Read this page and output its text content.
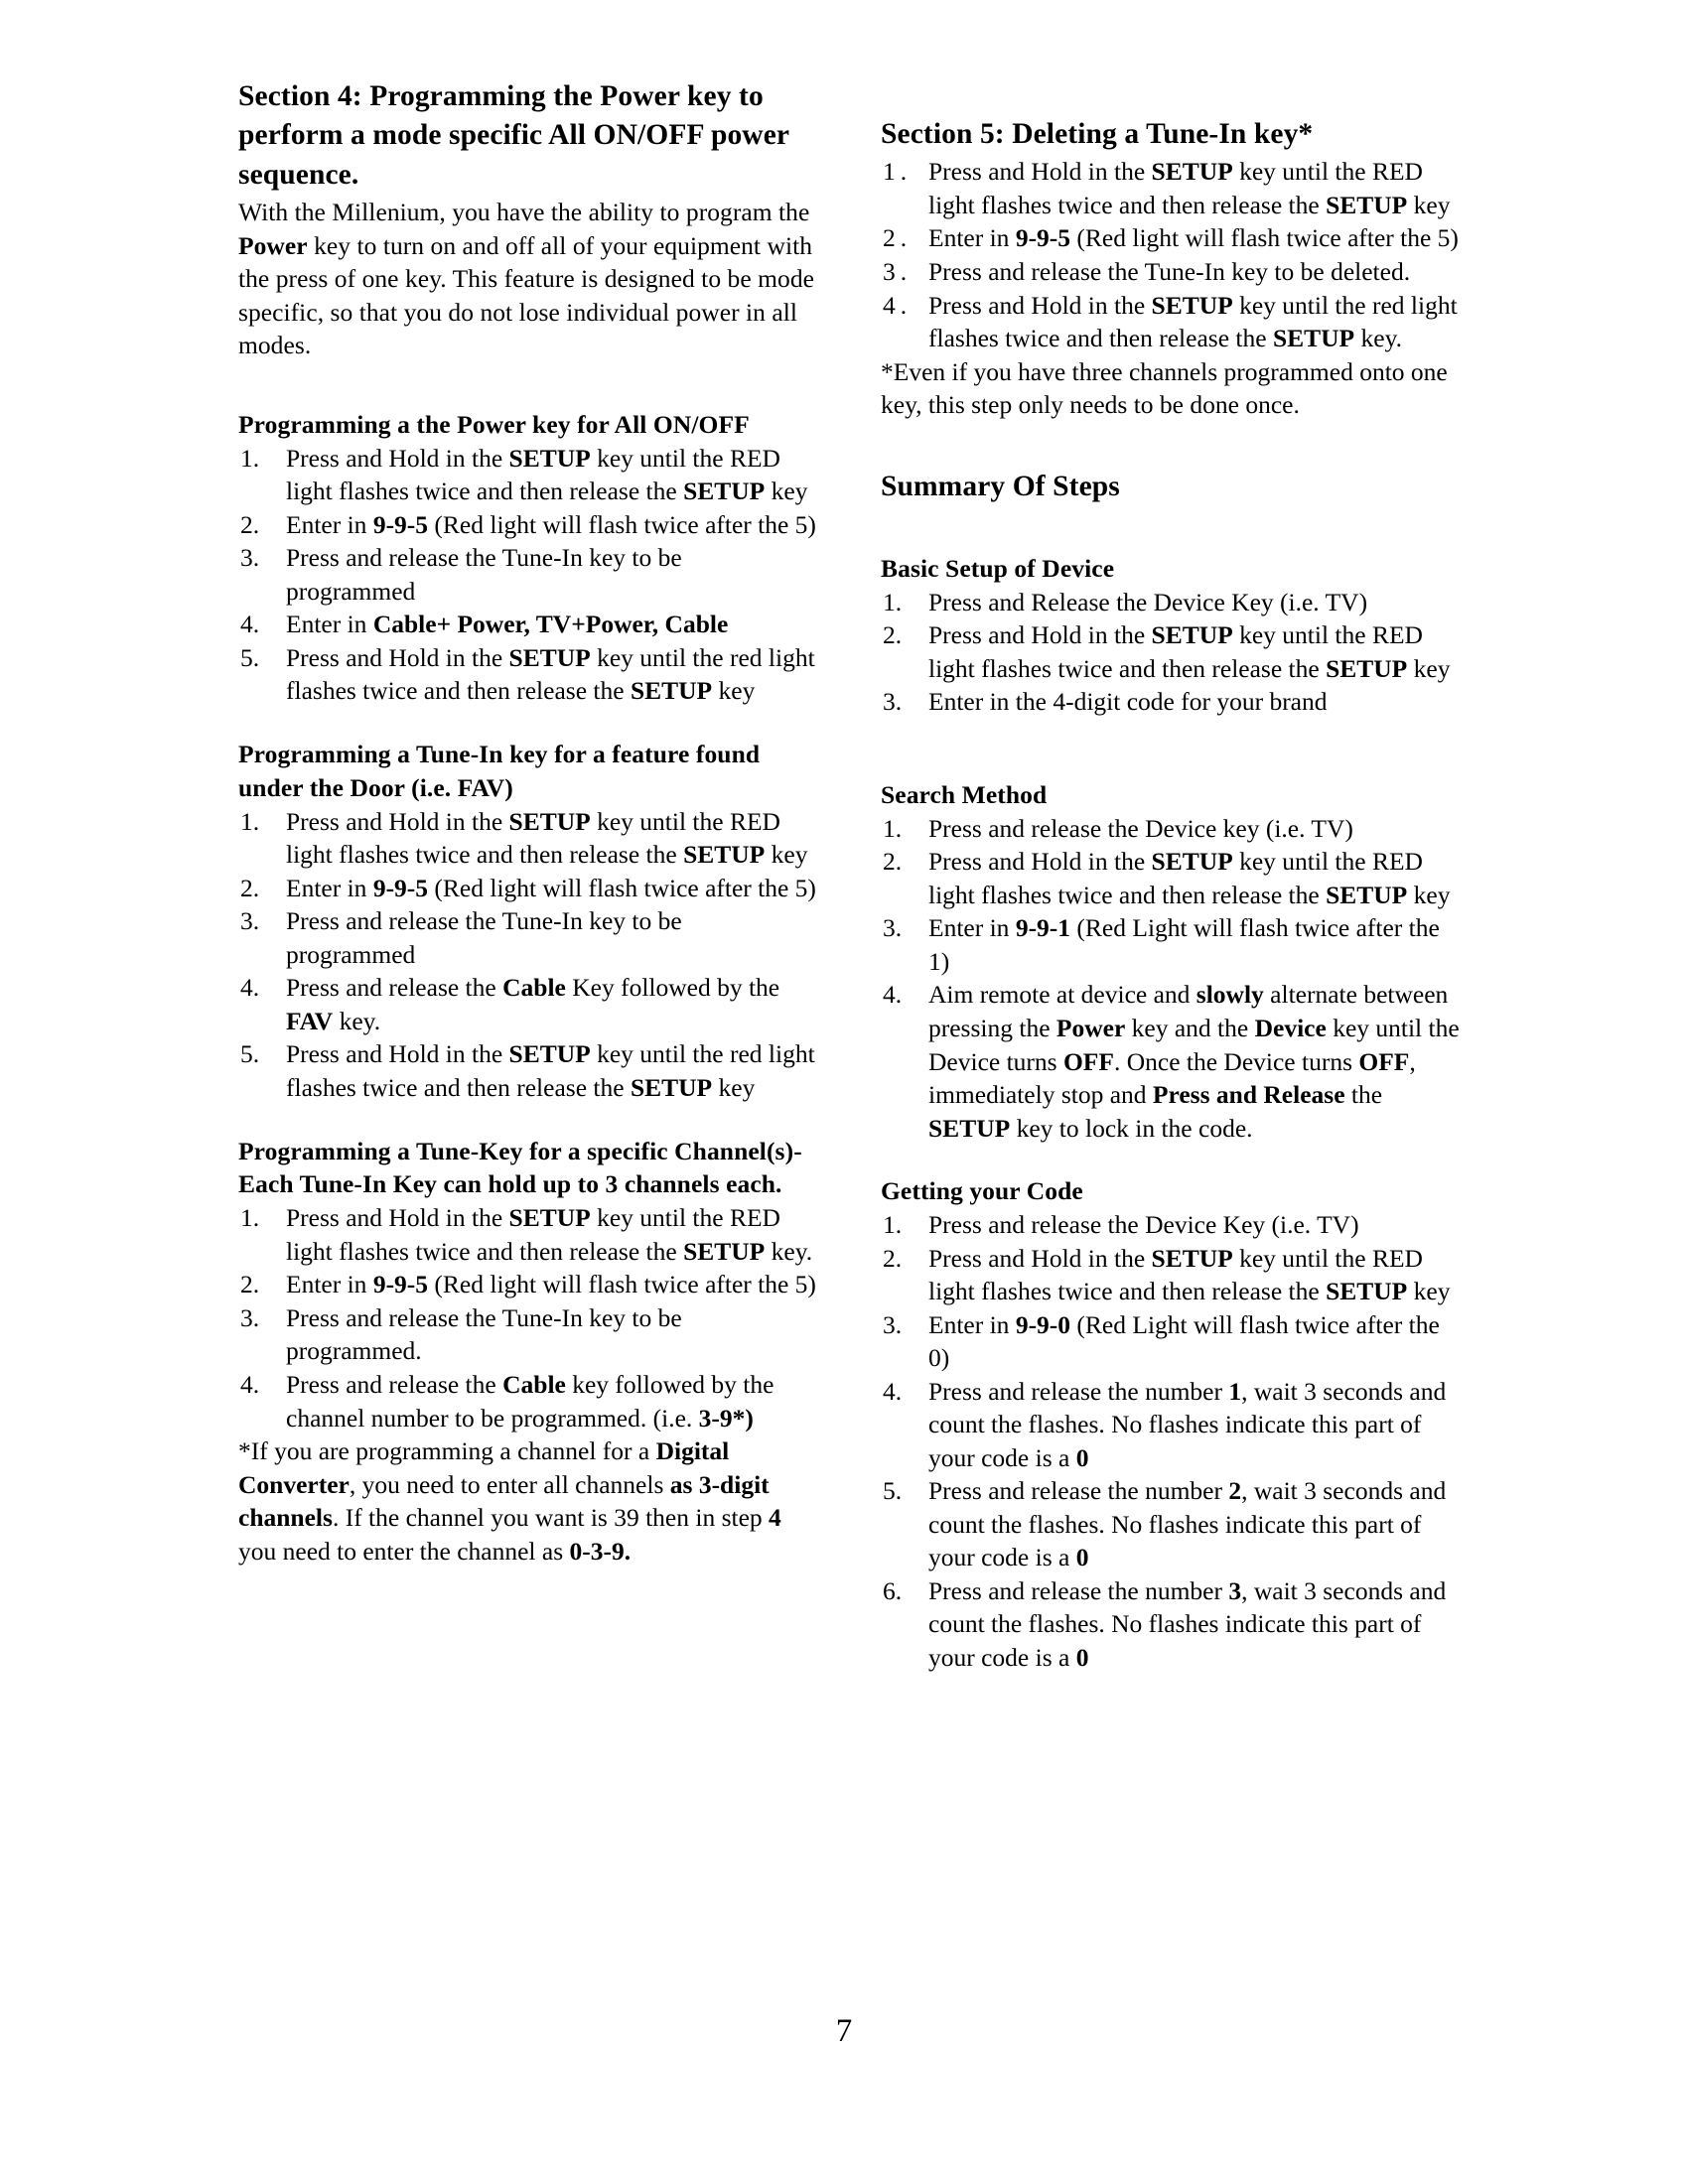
Section 4: Programming the Power key to perform a mode specific All ON/OFF power sequence.

With the Millenium, you have the ability to program the Power key to turn on and off all of your equipment with the press of one key. This feature is designed to be mode specific, so that you do not lose individual power in all modes.

Programming a the Power key for All ON/OFF
1.	Press and Hold in the SETUP key until the RED light flashes twice and then release the SETUP key
2.	Enter in 9-9-5 (Red light will flash twice after the 5)
3.	Press and release the Tune-In key to be programmed
4.	Enter in Cable+ Power, TV+Power, Cable
5.	Press and Hold in the SETUP key until the red light flashes twice and then release the SETUP key
Programming a Tune-In key for a feature found under the Door (i.e. FAV)
1.	Press and Hold in the SETUP key until the RED light flashes twice and then release the SETUP key
2.	Enter in 9-9-5 (Red light will flash twice after the 5)
3.	Press and release the Tune-In key to be programmed
4.	Press and release the Cable Key followed by the FAV key.
5.	Press and Hold in the SETUP key until the red light flashes twice and then release the SETUP key
Programming a Tune-Key for a specific Channel(s)-Each Tune-In Key can hold up to 3 channels each.
1.	Press and Hold in the SETUP key until the RED light flashes twice and then release the SETUP key.
2.	Enter in 9-9-5 (Red light will flash twice after the 5)
3.	Press and release the Tune-In key to be programmed.
4.	Press and release the Cable key followed by the channel number to be programmed. (i.e. 3-9*)

*If you are programming a channel for a Digital Converter, you need to enter all channels as 3-digit channels. If the channel you want is 39 then in step 4 you need to enter the channel as 0-3-9.

Section 5: Deleting a Tune-In key*
1. Press and Hold in the SETUP key until the RED light flashes twice and then release the SETUP key
2. Enter in 9-9-5 (Red light will flash twice after the 5)
3. Press and release the Tune-In key to be deleted.
4. Press and Hold in the SETUP key until the red light flashes twice and then release the SETUP key.

*Even if you have three channels programmed onto one key, this step only needs to be done once.

Summary Of Steps
Basic Setup of Device
1.	Press and Release the Device Key (i.e. TV)
2.	Press and Hold in the SETUP key until the RED light flashes twice and then release the SETUP key
3.	Enter in the 4-digit code for your brand
Search Method
1.	Press and release the Device key (i.e. TV)
2.	Press and Hold in the SETUP key until the RED light flashes twice and then release the SETUP key
3.	Enter in 9-9-1 (Red Light will flash twice after the 1)
4.	Aim remote at device and slowly alternate between pressing the Power key and the Device key until the Device turns OFF. Once the Device turns OFF, immediately stop and Press and Release the SETUP key to lock in the code.
Getting your Code
1.	Press and release the Device Key (i.e. TV)
2.	Press and Hold in the SETUP key until the RED light flashes twice and then release the SETUP key
3.	Enter in 9-9-0 (Red Light will flash twice after the 0)
4.	Press and release the number 1, wait 3 seconds and count the flashes. No flashes indicate this part of your code is a 0
5.	Press and release the number 2, wait 3 seconds and count the flashes. No flashes indicate this part of your code is a 0
6.	Press and release the number 3, wait 3 seconds and count the flashes. No flashes indicate this part of your code is a 0
7
